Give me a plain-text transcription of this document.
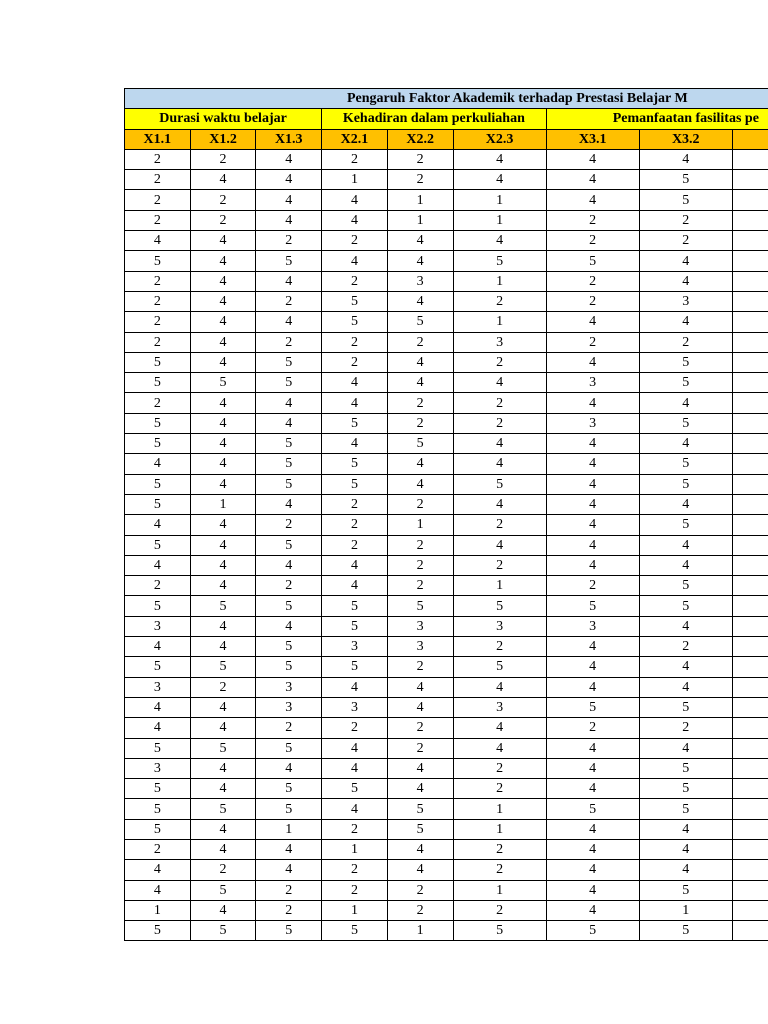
Pengaruh Faktor Akademik terhadap Prestasi Belajar M								
Durasi waktu belajar			Kehadiran dalam perkuliahan			Pemanfaatan fasilitas pe		
X1.1	X1.2	X1.3	X2.1	X2.2	X2.3	X3.1	X3.2	
2	2	4	2	2	4	4	4	
2	4	4	1	2	4	4	5	
2	2	4	4	1	1	4	5	
2	2	4	4	1	1	2	2	
4	4	2	2	4	4	2	2	
5	4	5	4	4	5	5	4	
2	4	4	2	3	1	2	4	
2	4	2	5	4	2	2	3	
2	4	4	5	5	1	4	4	
2	4	2	2	2	3	2	2	
5	4	5	2	4	2	4	5	
5	5	5	4	4	4	3	5	
2	4	4	4	2	2	4	4	
5	4	4	5	2	2	3	5	
5	4	5	4	5	4	4	4	
4	4	5	5	4	4	4	5	
5	4	5	5	4	5	4	5	
5	1	4	2	2	4	4	4	
4	4	2	2	1	2	4	5	
5	4	5	2	2	4	4	4	
4	4	4	4	2	2	4	4	
2	4	2	4	2	1	2	5	
5	5	5	5	5	5	5	5	
3	4	4	5	3	3	3	4	
4	4	5	3	3	2	4	2	
5	5	5	5	2	5	4	4	
3	2	3	4	4	4	4	4	
4	4	3	3	4	3	5	5	
4	4	2	2	2	4	2	2	
5	5	5	4	2	4	4	4	
3	4	4	4	4	2	4	5	
5	4	5	5	4	2	4	5	
5	5	5	4	5	1	5	5	
5	4	1	2	5	1	4	4	
2	4	4	1	4	2	4	4	
4	2	4	2	4	2	4	4	
4	5	2	2	2	1	4	5	
1	4	2	1	2	2	4	1	
5	5	5	5	1	5	5	5	
